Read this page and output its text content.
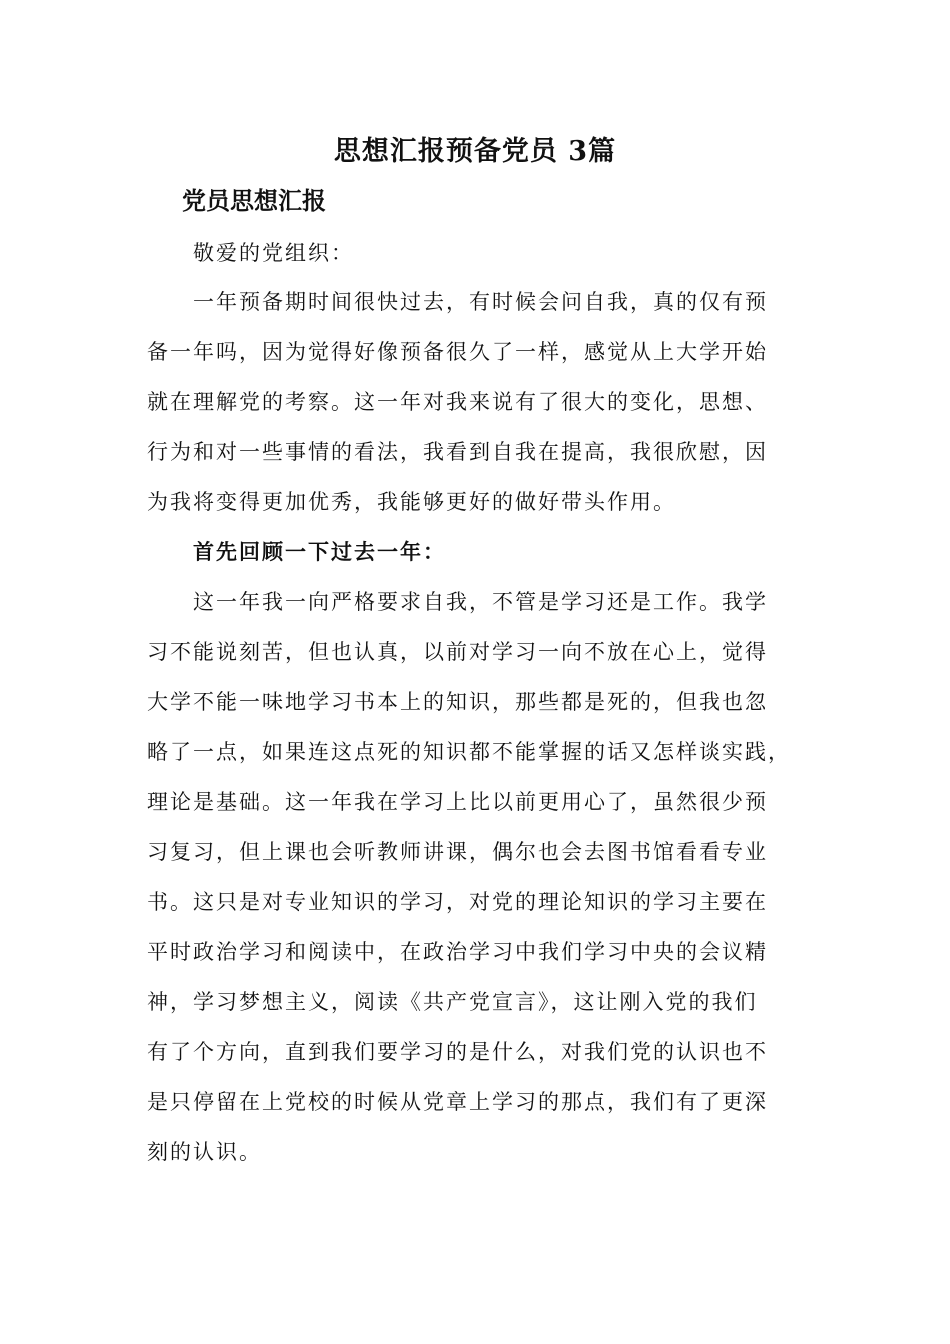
思想汇报预备党员 3篇
党员思想汇报
敬爱的党组织：
一年预备期时间很快过去，有时候会问自我，真的仅有预
备一年吗，因为觉得好像预备很久了一样，感觉从上大学开始
就在理解党的考察。这一年对我来说有了很大的变化，思想、
行为和对一些事情的看法，我看到自我在提高，我很欣慰，因
为我将变得更加优秀，我能够更好的做好带头作用。
首先回顾一下过去一年：
这一年我一向严格要求自我，不管是学习还是工作。我学
习不能说刻苦，但也认真，以前对学习一向不放在心上，觉得
大学不能一味地学习书本上的知识，那些都是死的，但我也忽
略了一点，如果连这点死的知识都不能掌握的话又怎样谈实践，
理论是基础。这一年我在学习上比以前更用心了，虽然很少预
习复习，但上课也会听教师讲课，偶尔也会去图书馆看看专业
书。这只是对专业知识的学习，对党的理论知识的学习主要在
平时政治学习和阅读中，在政治学习中我们学习中央的会议精
神，学习梦想主义，阅读《共产党宣言》，这让刚入党的我们
有了个方向，直到我们要学习的是什么，对我们党的认识也不
是只停留在上党校的时候从党章上学习的那点，我们有了更深
刻的认识。
